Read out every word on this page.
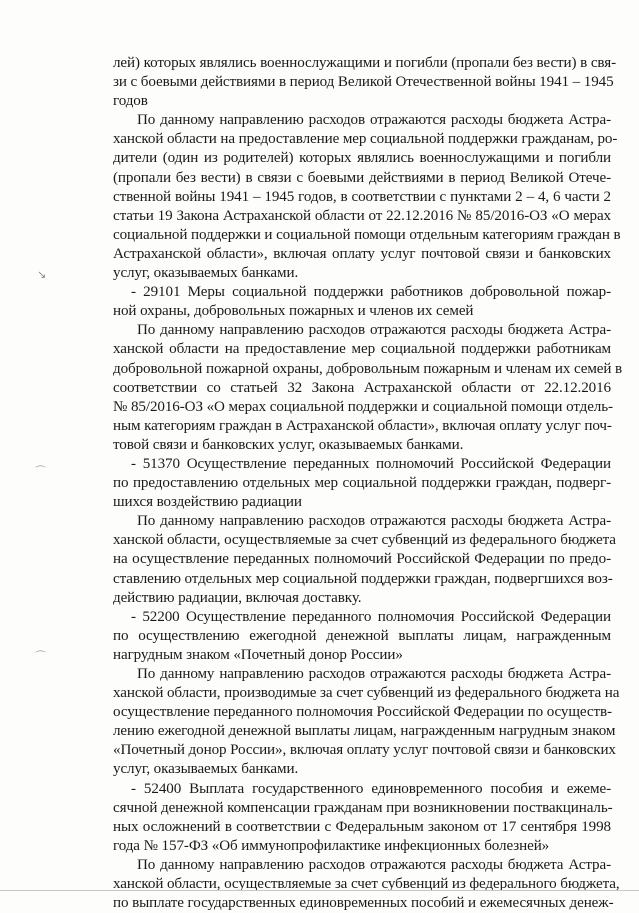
↘
⌒
⌒
лей) которых являлись военнослужащими и погибли (пропали без вести) в свя-
зи с боевыми действиями в период Великой Отечественной войны 1941 – 1945
годов
По данному направлению расходов отражаются расходы бюджета Астра-
ханской области на предоставление мер социальной поддержки гражданам, ро-
дители (один из родителей) которых являлись военнослужащими и погибли
(пропали без вести) в связи с боевыми действиями в период Великой Отече-
ственной войны 1941 – 1945 годов, в соответствии с пунктами 2 – 4, 6 части 2
статьи 19 Закона Астраханской области от 22.12.2016 № 85/2016-ОЗ «О мерах
социальной поддержки и социальной помощи отдельным категориям граждан в
Астраханской области», включая оплату услуг почтовой связи и банковских
услуг, оказываемых банками.
- 29101 Меры социальной поддержки работников добровольной пожар-
ной охраны, добровольных пожарных и членов их семей
По данному направлению расходов отражаются расходы бюджета Астра-
ханской области на предоставление мер социальной поддержки работникам
добровольной пожарной охраны, добровольным пожарным и членам их семей в
соответствии со статьей 32 Закона Астраханской области от 22.12.2016
№ 85/2016-ОЗ «О мерах социальной поддержки и социальной помощи отдель-
ным категориям граждан в Астраханской области», включая оплату услуг поч-
товой связи и банковских услуг, оказываемых банками.
- 51370 Осуществление переданных полномочий Российской Федерации
по предоставлению отдельных мер социальной поддержки граждан, подверг-
шихся воздействию радиации
По данному направлению расходов отражаются расходы бюджета Астра-
ханской области, осуществляемые за счет субвенций из федерального бюджета
на осуществление переданных полномочий Российской Федерации по предо-
ставлению отдельных мер социальной поддержки граждан, подвергшихся воз-
действию радиации, включая доставку.
- 52200 Осуществление переданного полномочия Российской Федерации
по осуществлению ежегодной денежной выплаты лицам, награжденным
нагрудным знаком «Почетный донор России»
По данному направлению расходов отражаются расходы бюджета Астра-
ханской области, производимые за счет субвенций из федерального бюджета на
осуществление переданного полномочия Российской Федерации по осуществ-
лению ежегодной денежной выплаты лицам, награжденным нагрудным знаком
«Почетный донор России», включая оплату услуг почтовой связи и банковских
услуг, оказываемых банками.
- 52400 Выплата государственного единовременного пособия и ежеме-
сячной денежной компенсации гражданам при возникновении поствакциналь-
ных осложнений в соответствии с Федеральным законом от 17 сентября 1998
года № 157-ФЗ «Об иммунопрофилактике инфекционных болезней»
По данному направлению расходов отражаются расходы бюджета Астра-
ханской области, осуществляемые за счет субвенций из федерального бюджета,
по выплате государственных единовременных пособий и ежемесячных денеж-
